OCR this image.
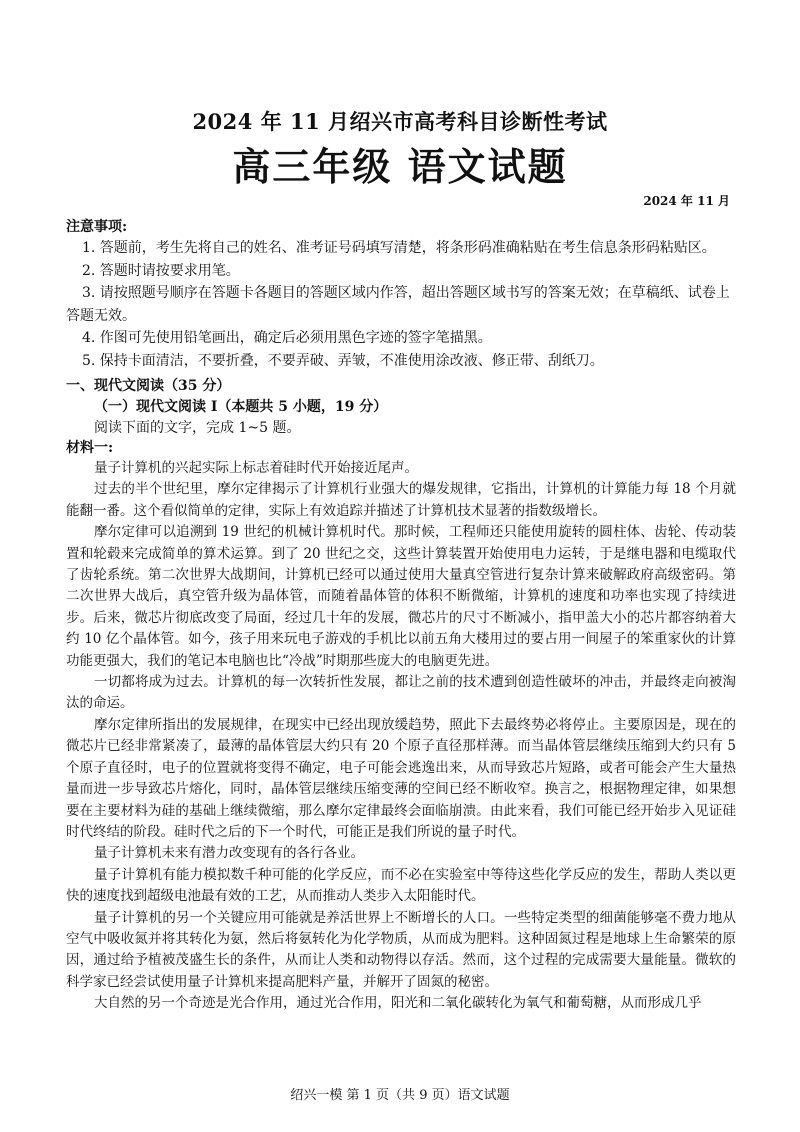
2024 年 11 月绍兴市高考科目诊断性考试
高三年级 语文试题
2024 年 11 月
注意事项:

1. 答题前，考生先将自己的姓名、准考证号码填写清楚，将条形码准确粘贴在考生信息条形码粘贴区。

2. 答题时请按要求用笔。

3. 请按照题号顺序在答题卡各题目的答题区域内作答，超出答题区域书写的答案无效；在草稿纸、试卷上答题无效。

4. 作图可先使用铅笔画出，确定后必须用黑色字迹的签字笔描黑。

5. 保持卡面清洁，不要折叠，不要弄破、弄皱，不准使用涂改液、修正带、刮纸刀。

一、现代文阅读（35 分）
（一）现代文阅读 I（本题共 5 小题，19 分）
阅读下面的文字，完成 1~5 题。
材料一:

量子计算机的兴起实际上标志着硅时代开始接近尾声。

过去的半个世纪里，摩尔定律揭示了计算机行业强大的爆发规律，它指出，计算机的计算能力每 18 个月就能翻一番。这个看似简单的定律，实际上有效追踪并描述了计算机技术显著的指数级增长。

摩尔定律可以追溯到 19 世纪的机械计算机时代。那时候，工程师还只能使用旋转的圆柱体、齿轮、传动装置和轮毂来完成简单的算术运算。到了 20 世纪之交，这些计算装置开始使用电力运转，于是继电器和电缆取代了齿轮系统。第二次世界大战期间，计算机已经可以通过使用大量真空管进行复杂计算来破解政府高级密码。第二次世界大战后，真空管升级为晶体管，而随着晶体管的体积不断微缩，计算机的速度和功率也实现了持续进步。后来，微芯片彻底改变了局面，经过几十年的发展，微芯片的尺寸不断减小，指甲盖大小的芯片都容纳着大约 10 亿个晶体管。如今，孩子用来玩电子游戏的手机比以前五角大楼用过的要占用一间屋子的笨重家伙的计算功能更强大，我们的笔记本电脑也比“冷战”时期那些庞大的电脑更先进。

一切都将成为过去。计算机的每一次转折性发展，都让之前的技术遭到创造性破坏的冲击，并最终走向被淘汰的命运。

摩尔定律所指出的发展规律，在现实中已经出现放缓趋势，照此下去最终势必将停止。主要原因是，现在的微芯片已经非常紧凑了，最薄的晶体管层大约只有 20 个原子直径那样薄。而当晶体管层继续压缩到大约只有 5 个原子直径时，电子的位置就将变得不确定，电子可能会逃逸出来，从而导致芯片短路，或者可能会产生大量热量而进一步导致芯片熔化，同时，晶体管层继续压缩变薄的空间已经不断收窄。换言之，根据物理定律，如果想要在主要材料为硅的基础上继续微缩，那么摩尔定律最终会面临崩溃。由此来看，我们可能已经开始步入见证硅时代终结的阶段。硅时代之后的下一个时代，可能正是我们所说的量子时代。

量子计算机未来有潜力改变现有的各行各业。

量子计算机有能力模拟数千种可能的化学反应，而不必在实验室中等待这些化学反应的发生，帮助人类以更快的速度找到超级电池最有效的工艺，从而推动人类步入太阳能时代。

量子计算机的另一个关键应用可能就是养活世界上不断增长的人口。一些特定类型的细菌能够毫不费力地从空气中吸收氮并将其转化为氨，然后将氨转化为化学物质，从而成为肥料。这种固氮过程是地球上生命繁荣的原因，通过给予植被茂盛生长的条件，从而让人类和动物得以存活。然而，这个过程的完成需要大量能量。微软的科学家已经尝试使用量子计算机来提高肥料产量，并解开了固氮的秘密。

大自然的另一个奇迹是光合作用，通过光合作用，阳光和二氧化碳转化为氧气和葡萄糖，从而形成几乎

绍兴一模 第 1 页（共 9 页）语文试题
